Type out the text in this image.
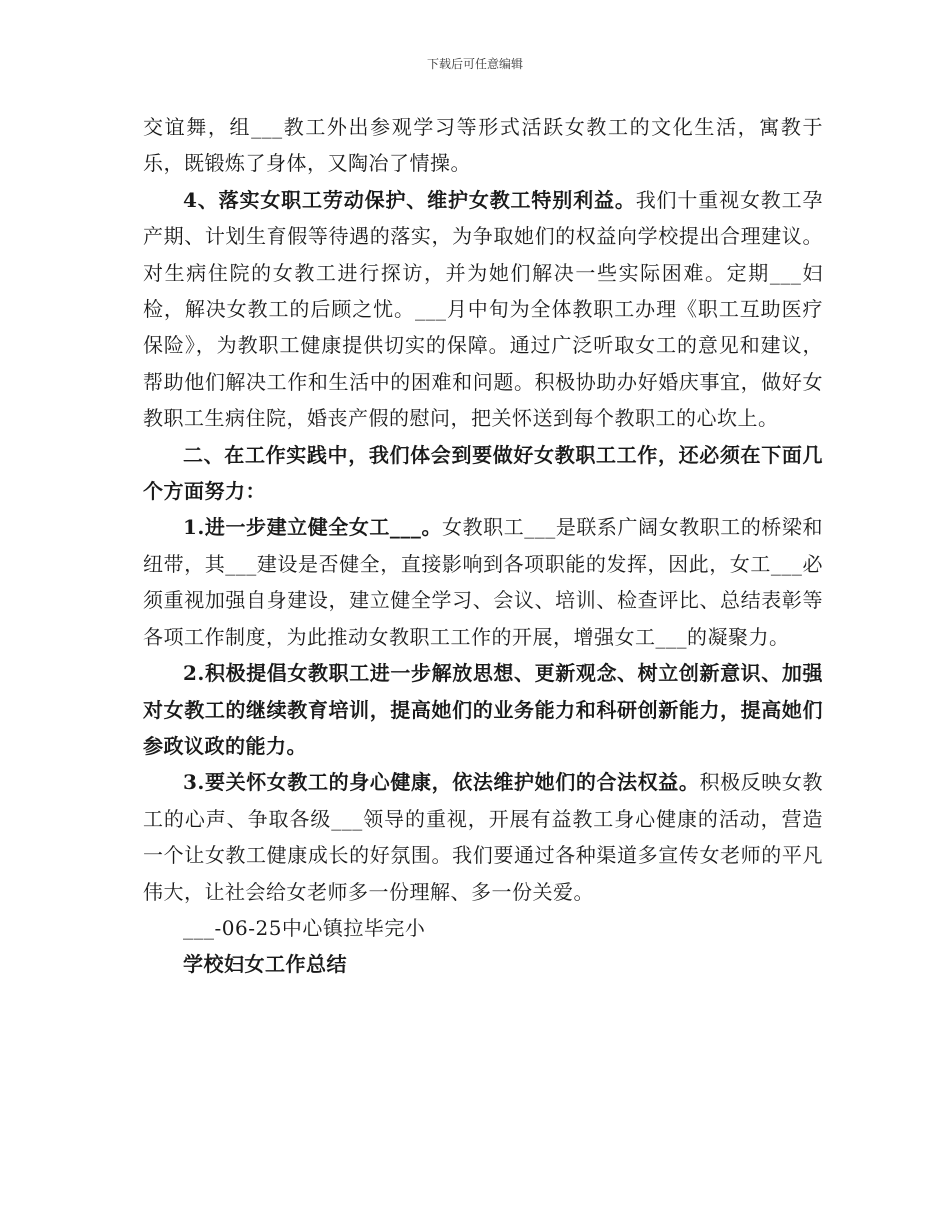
下载后可任意编辑

交谊舞，组___教工外出参观学习等形式活跃女教工的文化生活，寓教于乐，既锻炼了身体，又陶冶了情操。

4、落实女职工劳动保护、维护女教工特别利益。我们十重视女教工孕产期、计划生育假等待遇的落实，为争取她们的权益向学校提出合理建议。对生病住院的女教工进行探访，并为她们解决一些实际困难。定期___妇检，解决女教工的后顾之忧。___月中旬为全体教职工办理《职工互助医疗保险》，为教职工健康提供切实的保障。通过广泛听取女工的意见和建议，帮助他们解决工作和生活中的困难和问题。积极协助办好婚庆事宜，做好女教职工生病住院，婚丧产假的慰问，把关怀送到每个教职工的心坎上。

二、在工作实践中，我们体会到要做好女教职工工作，还必须在下面几个方面努力：

1.进一步建立健全女工___。女教职工___是联系广阔女教职工的桥梁和纽带，其___建设是否健全，直接影响到各项职能的发挥，因此，女工___必须重视加强自身建设，建立健全学习、会议、培训、检查评比、总结表彰等各项工作制度，为此推动女教职工工作的开展，增强女工___的凝聚力。

2.积极提倡女教职工进一步解放思想、更新观念、树立创新意识、加强对女教工的继续教育培训，提高她们的业务能力和科研创新能力，提高她们参政议政的能力。

3.要关怀女教工的身心健康，依法维护她们的合法权益。积极反映女教工的心声、争取各级___领导的重视，开展有益教工身心健康的活动，营造一个让女教工健康成长的好氛围。我们要通过各种渠道多宣传女老师的平凡伟大，让社会给女老师多一份理解、多一份关爱。

___-06-25中心镇拉毕完小

学校妇女工作总结
